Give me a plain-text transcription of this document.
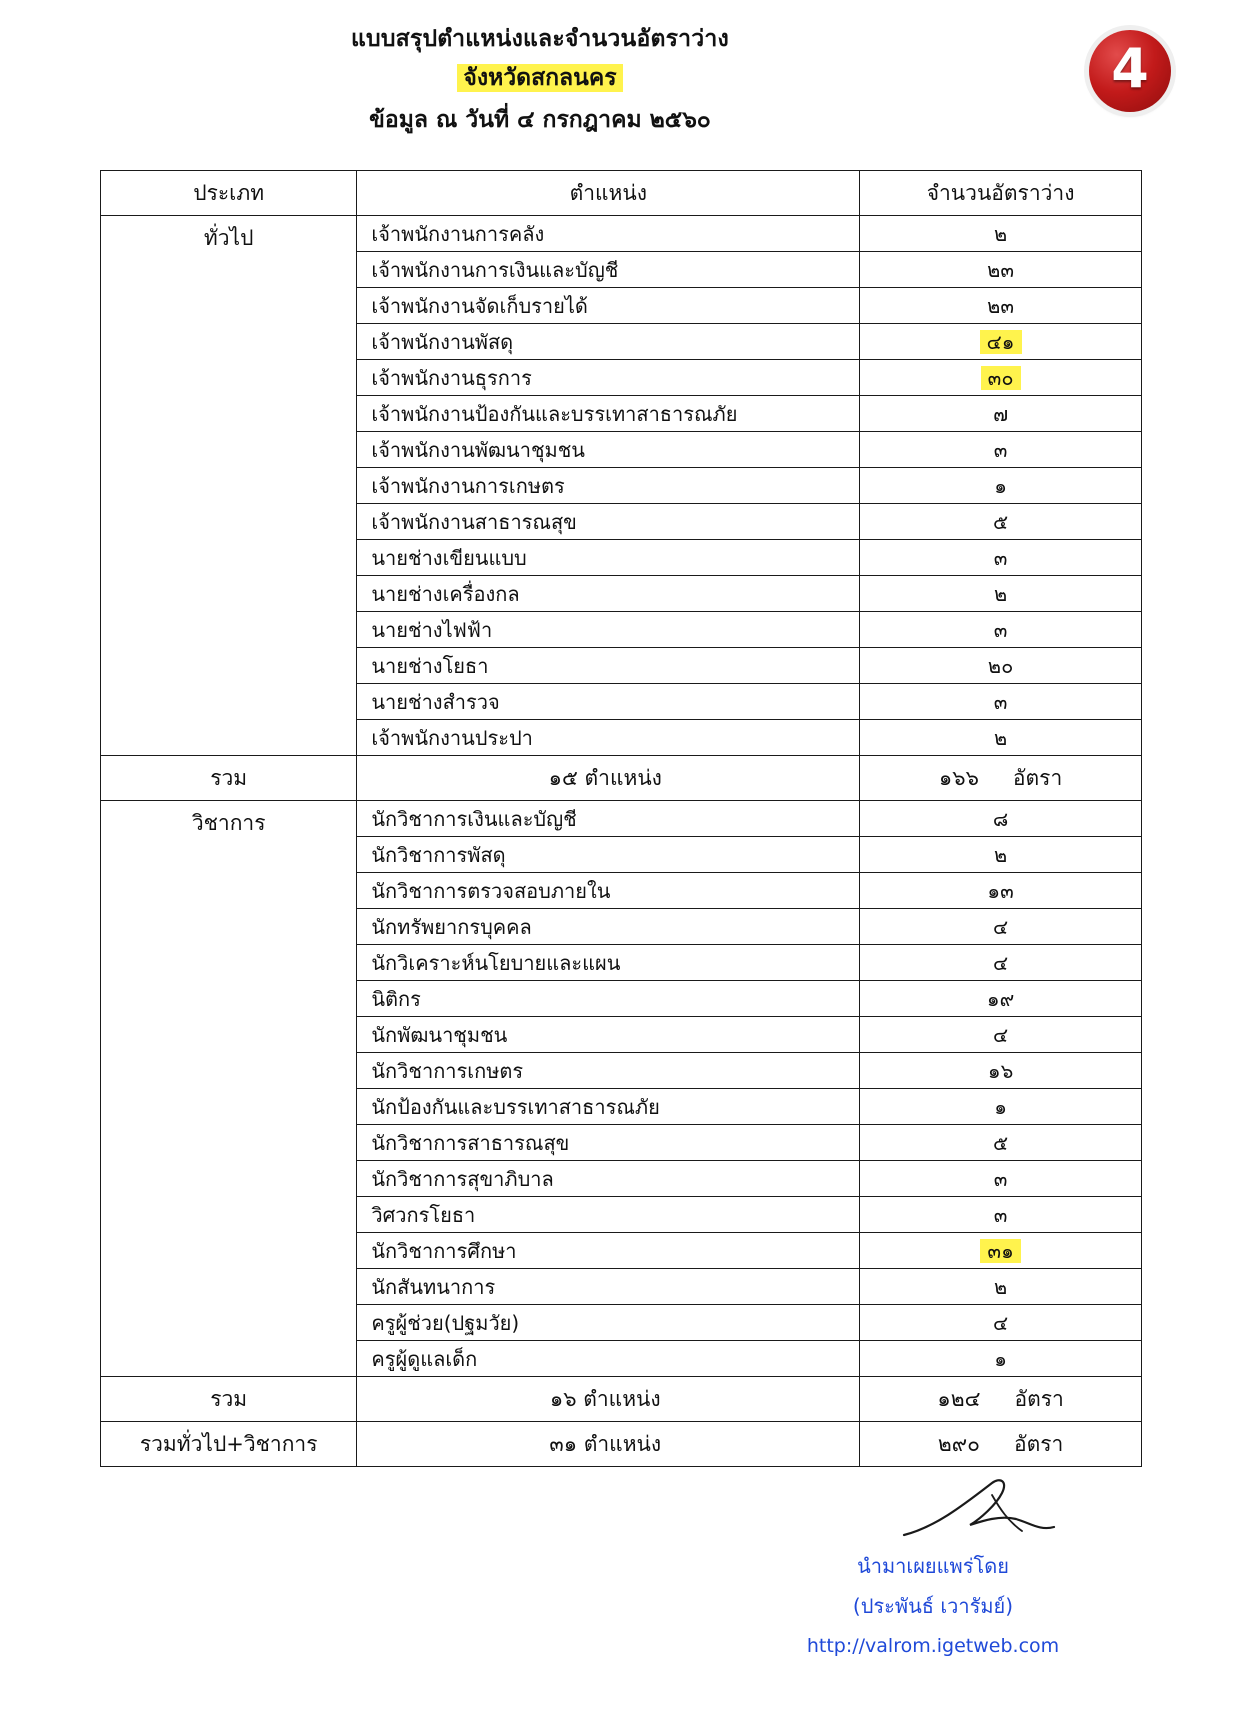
แบบสรุปตำแหน่งและจำนวนอัตราว่าง
จังหวัดสกลนคร
ข้อมูล ณ วันที่ ๔ กรกฎาคม ๒๕๖๐
4
ประเภท	ตำแหน่ง	จำนวนอัตราว่าง
ทั่วไป	เจ้าพนักงานการคลัง	๒
	เจ้าพนักงานการเงินและบัญชี	๒๓
	เจ้าพนักงานจัดเก็บรายได้	๒๓
	เจ้าพนักงานพัสดุ	๔๑
	เจ้าพนักงานธุรการ	๓๐
	เจ้าพนักงานป้องกันและบรรเทาสาธารณภัย	๗
	เจ้าพนักงานพัฒนาชุมชน	๓
	เจ้าพนักงานการเกษตร	๑
	เจ้าพนักงานสาธารณสุข	๕
	นายช่างเขียนแบบ	๓
	นายช่างเครื่องกล	๒
	นายช่างไฟฟ้า	๓
	นายช่างโยธา	๒๐
	นายช่างสำรวจ	๓
	เจ้าพนักงานประปา	๒
รวม	๑๕ ตำแหน่ง	๑๖๖ อัตรา
วิชาการ	นักวิชาการเงินและบัญชี	๘
	นักวิชาการพัสดุ	๒
	นักวิชาการตรวจสอบภายใน	๑๓
	นักทรัพยากรบุคคล	๔
	นักวิเคราะห์นโยบายและแผน	๔
	นิติกร	๑๙
	นักพัฒนาชุมชน	๔
	นักวิชาการเกษตร	๑๖
	นักป้องกันและบรรเทาสาธารณภัย	๑
	นักวิชาการสาธารณสุข	๕
	นักวิชาการสุขาภิบาล	๓
	วิศวกรโยธา	๓
	นักวิชาการศึกษา	๓๑
	นักสันทนาการ	๒
	ครูผู้ช่วย(ปฐมวัย)	๔
	ครูผู้ดูแลเด็ก	๑
รวม	๑๖ ตำแหน่ง	๑๒๔ อัตรา
รวมทั่วไป+วิชาการ	๓๑ ตำแหน่ง	๒๙๐ อัตรา
นำมาเผยแพร่โดย
(ประพันธ์ เวารัมย์)
http://valrom.igetweb.com
